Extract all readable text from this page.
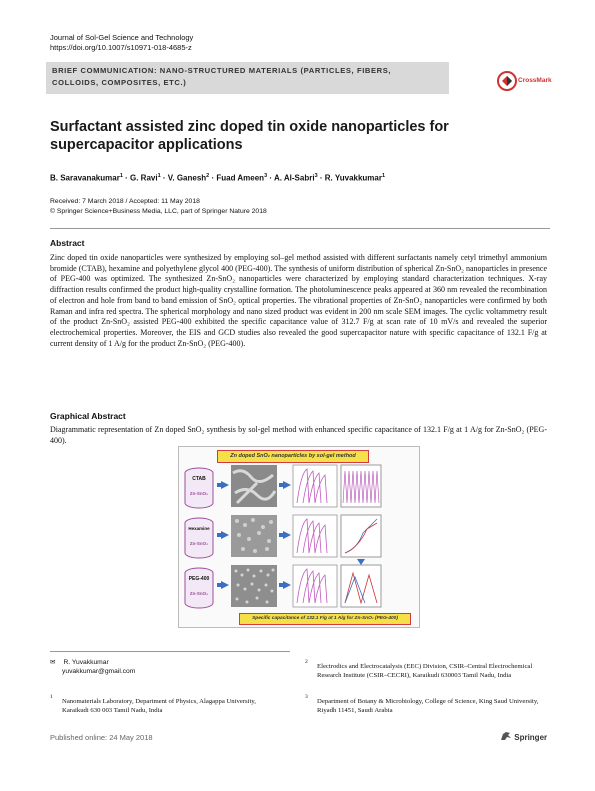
Journal of Sol-Gel Science and Technology
https://doi.org/10.1007/s10971-018-4685-z
BRIEF COMMUNICATION: NANO-STRUCTURED MATERIALS (PARTICLES, FIBERS,
COLLOIDS, COMPOSITES, ETC.)	CrossMark
Surfactant assisted zinc doped tin oxide nanoparticles for
supercapacitor applications
B. Saravanakumar$^1$ · G. Ravi$^1$ · V. Ganesh$^2$ · Fuad Ameen$^3$ · A. Al-Sabri$^3$ · R. Yuvakkumar$^1$
Received: 7 March 2018 / Accepted: 11 May 2018
© Springer Science+Business Media, LLC, part of Springer Nature 2018
Abstract
Zinc doped tin oxide nanoparticles were synthesized by employing sol–gel method assisted with different surfactants namely cetyl trimethyl ammonium bromide (CTAB), hexamine and polyethylene glycol 400 (PEG-400). The synthesis of uniform distribution of spherical Zn-SnO₂ nanoparticles in presence of PEG-400 was optimized. The synthesized Zn-SnO₂ nanoparticles were characterized by employing standard characterization techniques. X-ray diffraction results confirmed the product high-quality crystalline formation. The photoluminescence peaks appeared at 360 nm revealed the recombination of electron and hole from band to band emission of SnO₂ optical properties. The vibrational properties of Zn-SnO₂ nanoparticles were confirmed by both Raman and infra red spectra. The spherical morphology and nano sized product was evident in 200 nm scale SEM images. The cyclic voltammetry result of the product Zn-SnO₂ assisted PEG-400 exhibited the specific capacitance value of 312.7 F/g at scan rate of 10 mV/s and revealed the superior electrochemical properties. Moreover, the EIS and GCD studies also revealed the good supercapacitor nature with specific capacitance of 132.1 F/g at current density of 1 A/g for the product Zn-SnO₂ (PEG-400).
Graphical Abstract
Diagrammatic representation of Zn doped SnO₂ synthesis by sol-gel method with enhanced specific capacitance of 132.1 F/g at 1 A/g for Zn-SnO₂ (PEG-400).
Zn doped SnO₂ nanoparticles by sol-gel method
CTAB
Zn-SnO₂
Hexamine
Zn-SnO₂
PEG-400
Zn-SnO₂
Specific capacitance of 132.1 F/g at 1 A/g for Zn-SnO₂ (PEG-400)
✉ R. Yuvakkumar
yuvakkumar@gmail.com
$^1$
Nanomaterials Laboratory, Department of Physics, Alagappa University, Karaikudi 630 003 Tamil Nadu, India
$^2$
Electrodics and Electrocatalysis (EEC) Division, CSIR–Central Electrochemical Research Institute (CSIR–CECRI), Karaikudi 630003 Tamil Nadu, India
$^3$
Department of Botany & Microbiology, College of Science, King Saud University, Riyadh 11451, Saudi Arabia
Published online: 24 May 2018	Springer
